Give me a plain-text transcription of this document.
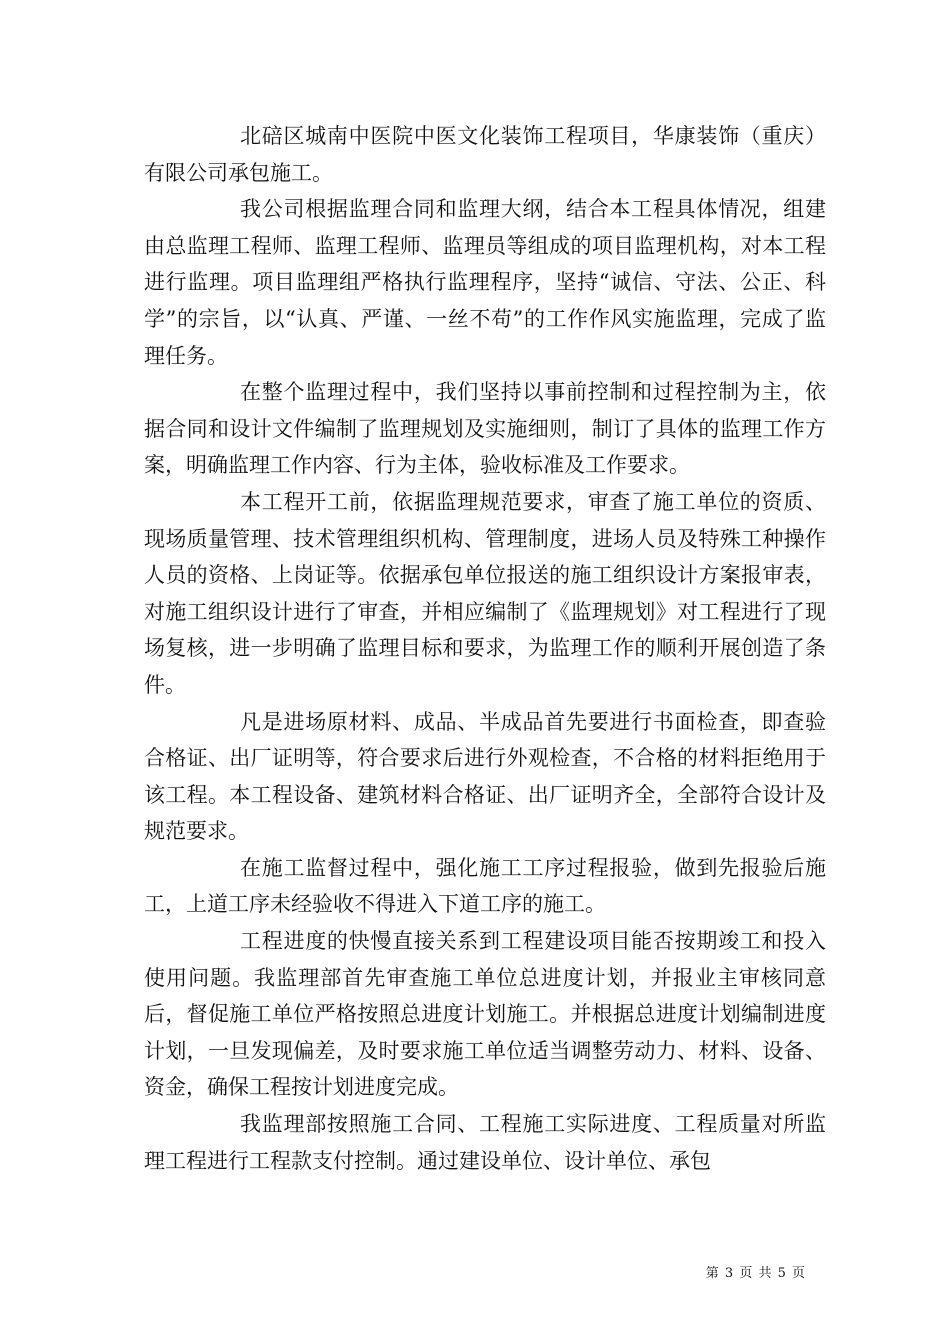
北碚区城南中医院中医文化装饰工程项目，华康装饰（重庆）有限公司承包施工。

我公司根据监理合同和监理大纲，结合本工程具体情况，组建由总监理工程师、监理工程师、监理员等组成的项目监理机构，对本工程进行监理。项目监理组严格执行监理程序，坚持“诚信、守法、公正、科学”的宗旨，以“认真、严谨、一丝不苟”的工作作风实施监理，完成了监理任务。

在整个监理过程中，我们坚持以事前控制和过程控制为主，依据合同和设计文件编制了监理规划及实施细则，制订了具体的监理工作方案，明确监理工作内容、行为主体，验收标准及工作要求。

本工程开工前，依据监理规范要求，审查了施工单位的资质、现场质量管理、技术管理组织机构、管理制度，进场人员及特殊工种操作人员的资格、上岗证等。依据承包单位报送的施工组织设计方案报审表，对施工组织设计进行了审查，并相应编制了《监理规划》对工程进行了现场复核，进一步明确了监理目标和要求，为监理工作的顺利开展创造了条件。

凡是进场原材料、成品、半成品首先要进行书面检查，即查验合格证、出厂证明等，符合要求后进行外观检查，不合格的材料拒绝用于该工程。本工程设备、建筑材料合格证、出厂证明齐全，全部符合设计及规范要求。

在施工监督过程中，强化施工工序过程报验，做到先报验后施工，上道工序未经验收不得进入下道工序的施工。

工程进度的快慢直接关系到工程建设项目能否按期竣工和投入使用问题。我监理部首先审查施工单位总进度计划，并报业主审核同意后，督促施工单位严格按照总进度计划施工。并根据总进度计划编制进度计划，一旦发现偏差，及时要求施工单位适当调整劳动力、材料、设备、资金，确保工程按计划进度完成。

我监理部按照施工合同、工程施工实际进度、工程质量对所监理工程进行工程款支付控制。通过建设单位、设计单位、承包

第 3 页 共 5 页
